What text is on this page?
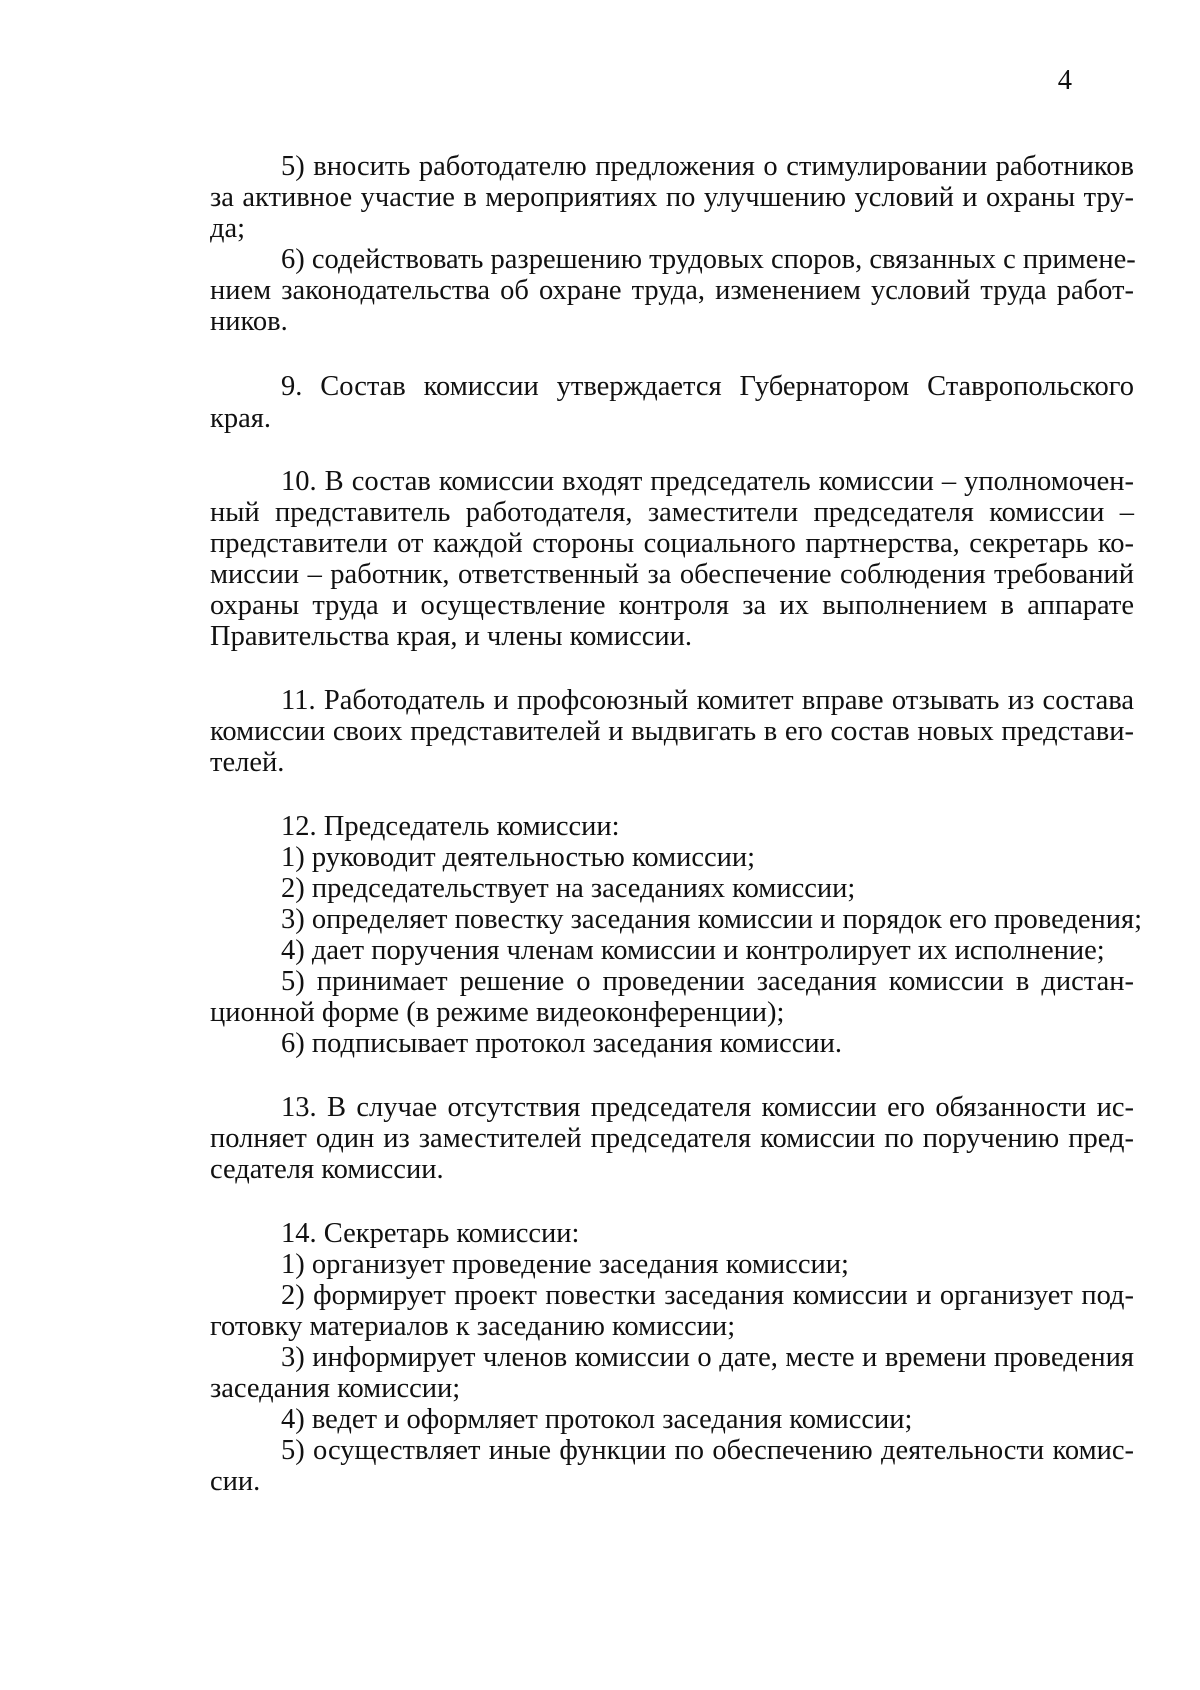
4
5) вносить работодателю предложения о стимулировании работников
за активное участие в мероприятиях по улучшению условий и охраны тру-
да;
6) содействовать разрешению трудовых споров, связанных с примене-
нием законодательства об охране труда, изменением условий труда работ-
ников.
9. Состав комиссии утверждается Губернатором Ставропольского
края.
10. В состав комиссии входят председатель комиссии – уполномочен-
ный представитель работодателя, заместители председателя комиссии –
представители от каждой стороны социального партнерства, секретарь ко-
миссии – работник, ответственный за обеспечение соблюдения требований
охраны труда и осуществление контроля за их выполнением в аппарате
Правительства края, и члены комиссии.
11. Работодатель и профсоюзный комитет вправе отзывать из состава
комиссии своих представителей и выдвигать в его состав новых представи-
телей.
12. Председатель комиссии:
1) руководит деятельностью комиссии;
2) председательствует на заседаниях комиссии;
3) определяет повестку заседания комиссии и порядок его проведения;
4) дает поручения членам комиссии и контролирует их исполнение;
5) принимает решение о проведении заседания комиссии в дистан-
ционной форме (в режиме видеоконференции);
6) подписывает протокол заседания комиссии.
13. В случае отсутствия председателя комиссии его обязанности ис-
полняет один из заместителей председателя комиссии по поручению пред-
седателя комиссии.
14. Секретарь комиссии:
1) организует проведение заседания комиссии;
2) формирует проект повестки заседания комиссии и организует под-
готовку материалов к заседанию комиссии;
3) информирует членов комиссии о дате, месте и времени проведения
заседания комиссии;
4) ведет и оформляет протокол заседания комиссии;
5) осуществляет иные функции по обеспечению деятельности комис-
сии.
